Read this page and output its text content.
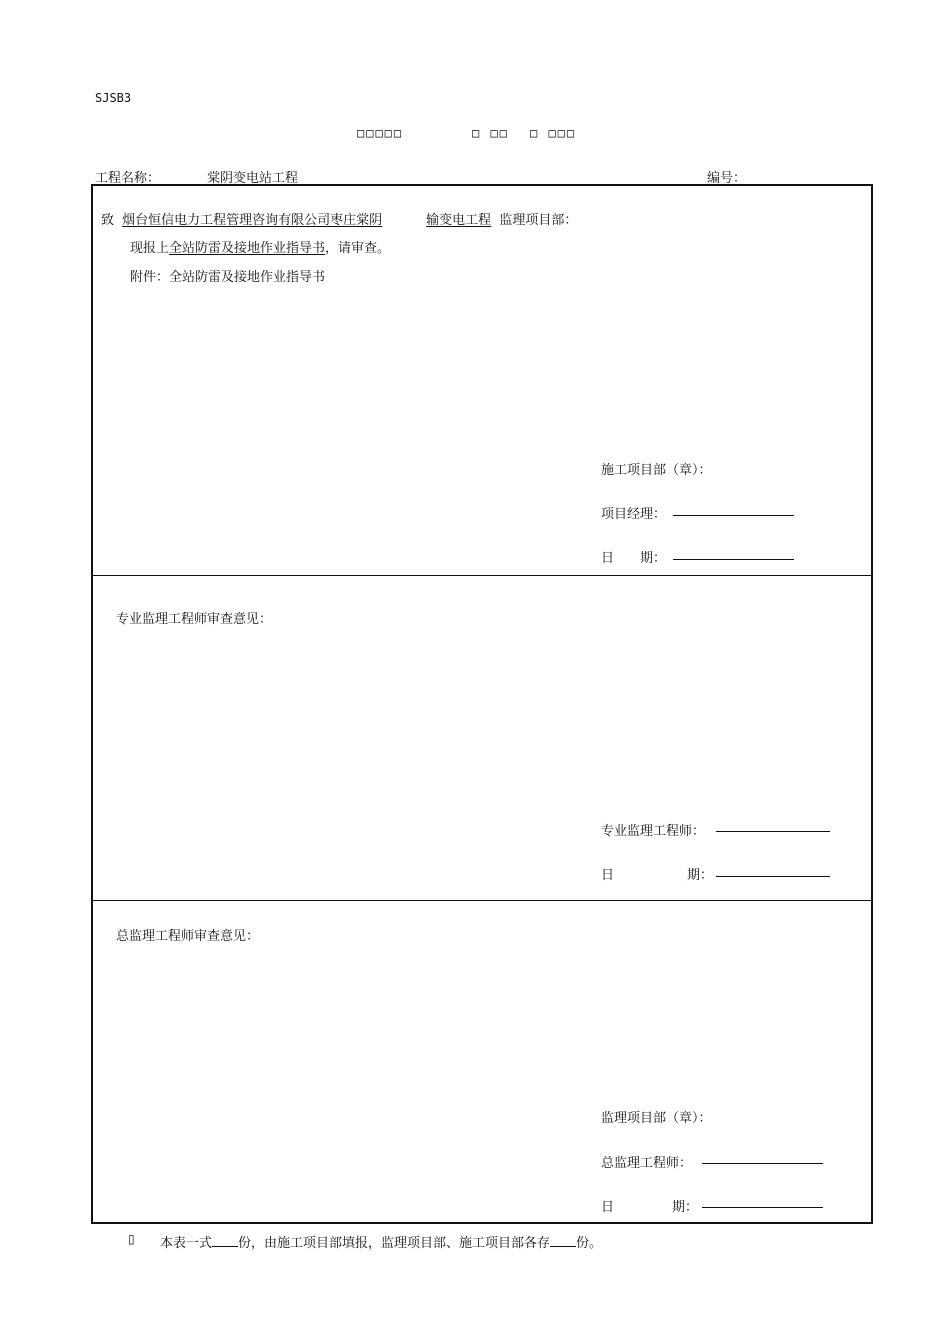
SJSB3
□□□□□	□ □□ □ □□□
工程名称：	棠阴变电站工程	编号：
致 烟台恒信电力工程管理咨询有限公司枣庄棠阴	输变电工程 监理项目部：
现报上全站防雷及接地作业指导书，请审查。
附件：全站防雷及接地作业指导书
施工项目部（章）：
项目经理：
日　　期：
专业监理工程师审查意见：
专业监理工程师：
日	期：
总监理工程师审查意见：
监理项目部（章）：
总监理工程师：
日	期：
▯ 本表一式 份，由施工项目部填报，监理项目部、施工项目部各存 份。
